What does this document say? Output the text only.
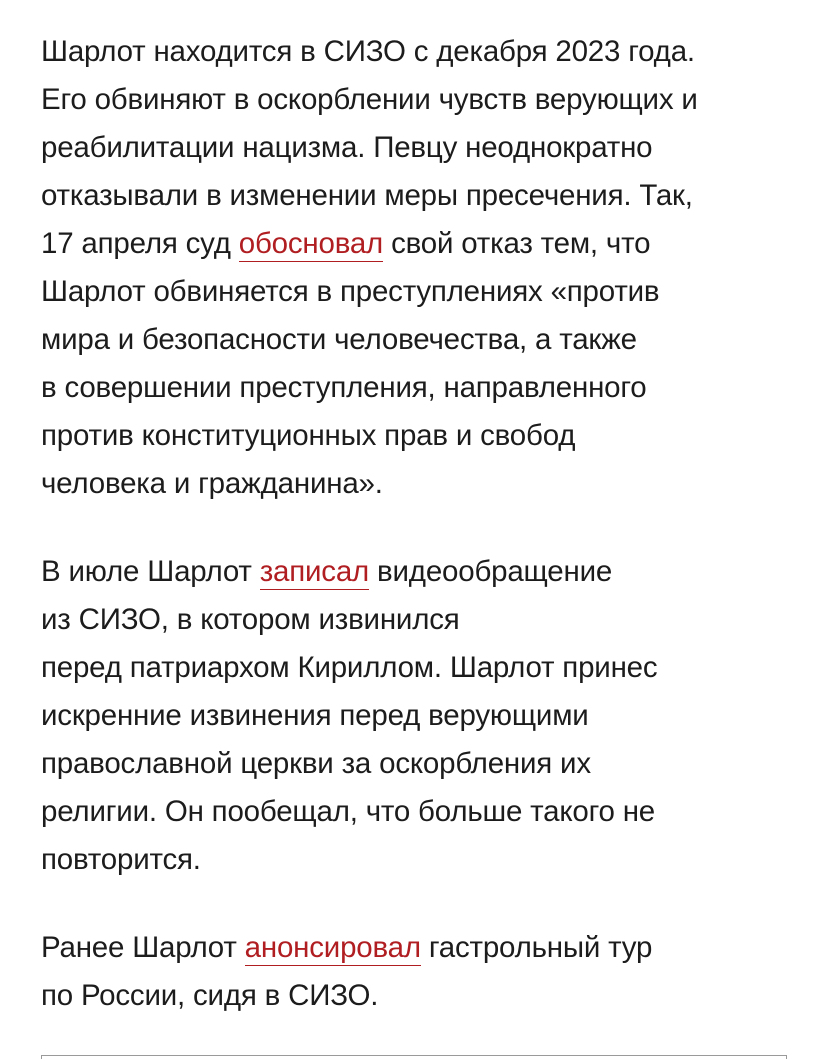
Шарлот находится в СИЗО с декабря 2023 года.
Его обвиняют в оскорблении чувств верующих и
реабилитации нацизма. Певцу неоднократно
отказывали в изменении меры пресечения. Так,
17 апреля суд обосновал свой отказ тем, что
Шарлот обвиняется в преступлениях «против
мира и безопасности человечества, а также
в совершении преступления, направленного
против конституционных прав и свобод
человека и гражданина».

В июле Шарлот записал видеообращение
из СИЗО, в котором извинился
перед патриархом Кириллом. Шарлот принес
искренние извинения перед верующими
православной церкви за оскорбления их
религии. Он пообещал, что больше такого не
повторится.

Ранее Шарлот анонсировал гастрольный тур
по России, сидя в СИЗО.
